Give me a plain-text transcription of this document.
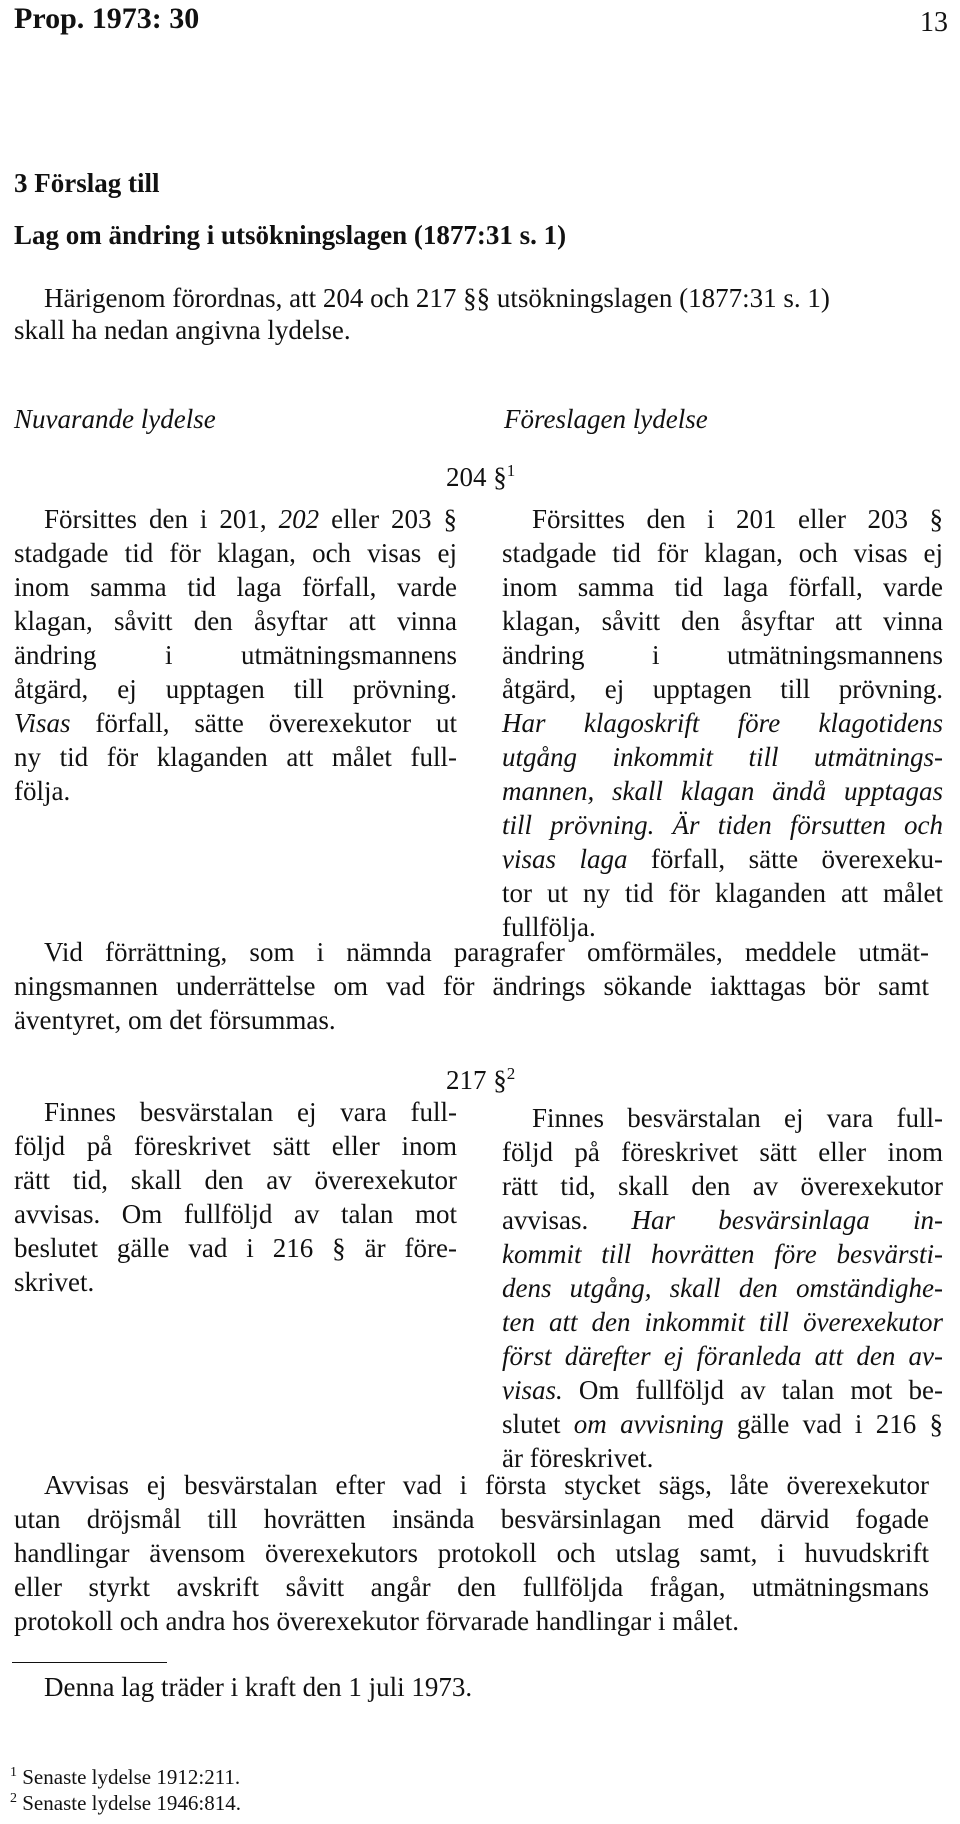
Prop. 1973: 30	13
3 Förslag till
Lag om ändring i utsökningslagen (1877:31 s. 1)
Härigenom förordnas, att 204 och 217 §§ utsökningslagen (1877:31 s. 1)
skall ha nedan angivna lydelse.
Nuvarande lydelse	Föreslagen lydelse
204 §$^1$
Försittes den i 201, 202 eller 203 §
stadgade tid för klagan, och visas ej
inom samma tid laga förfall, varde
klagan, såvitt den åsyftar att vinna
ändring i utmätningsmannens
åtgärd, ej upptagen till prövning.
Visas förfall, sätte överexekutor ut
ny tid för klaganden att målet full-
följa.
Försittes den i 201 eller 203 §
stadgade tid för klagan, och visas ej
inom samma tid laga förfall, varde
klagan, såvitt den åsyftar att vinna
ändring i utmätningsmannens
åtgärd, ej upptagen till prövning.
Har klagoskrift före klagotidens
utgång inkommit till utmätnings-
mannen, skall klagan ändå upptagas
till prövning. Är tiden försutten och
visas laga förfall, sätte överexeku-
tor ut ny tid för klaganden att målet
fullfölja.
Vid förrättning, som i nämnda paragrafer omförmäles, meddele utmät-
ningsmannen underrättelse om vad för ändrings sökande iakttagas bör samt
äventyret, om det försummas.
217 §$^2$
Finnes besvärstalan ej vara full-
följd på föreskrivet sätt eller inom
rätt tid, skall den av överexekutor
avvisas. Om fullföljd av talan mot
beslutet gälle vad i 216 § är före-
skrivet.
Finnes besvärstalan ej vara full-
följd på föreskrivet sätt eller inom
rätt tid, skall den av överexekutor
avvisas. Har besvärsinlaga in-
kommit till hovrätten före besvärsti-
dens utgång, skall den omständighe-
ten att den inkommit till överexekutor
först därefter ej föranleda att den av-
visas. Om fullföljd av talan mot be-
slutet om avvisning gälle vad i 216 §
är föreskrivet.
Avvisas ej besvärstalan efter vad i första stycket sägs, låte överexekutor
utan dröjsmål till hovrätten insända besvärsinlagan med därvid fogade
handlingar ävensom överexekutors protokoll och utslag samt, i huvudskrift
eller styrkt avskrift såvitt angår den fullföljda frågan, utmätningsmans
protokoll och andra hos överexekutor förvarade handlingar i målet.
Denna lag träder i kraft den 1 juli 1973.
$^1$ Senaste lydelse 1912:211.
$^2$ Senaste lydelse 1946:814.
